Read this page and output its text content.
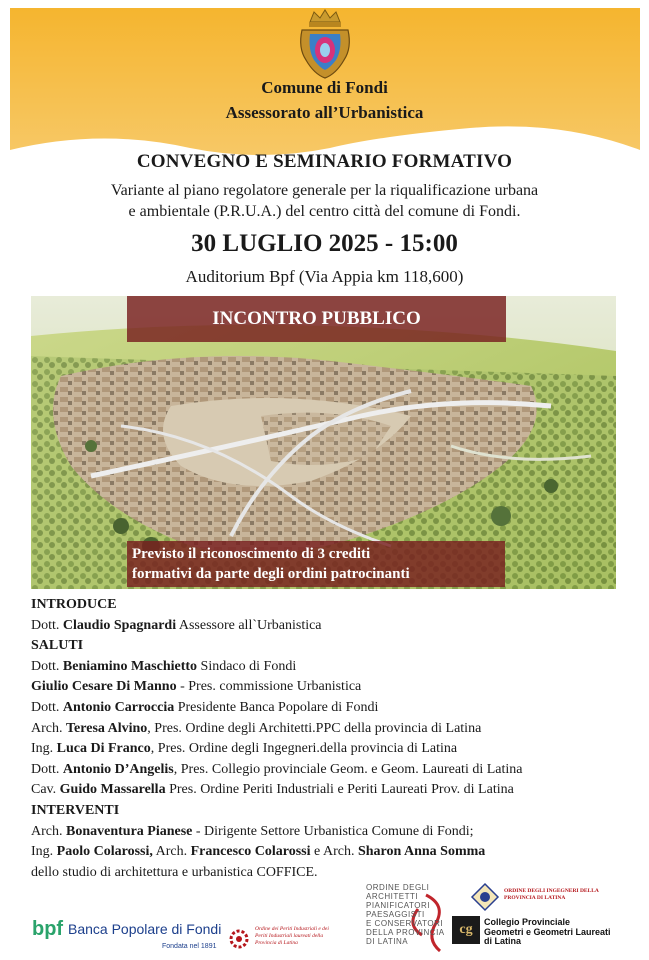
Comune di Fondi
Assessorato all’Urbanistica
CONVEGNO E SEMINARIO FORMATIVO
Variante al piano regolatore generale per la riqualificazione urbana
e ambientale (P.R.U.A.) del centro città del comune di Fondi.
30 LUGLIO 2025 - 15:00
Auditorium Bpf (Via Appia km 118,600)
INCONTRO PUBBLICO
Previsto il riconoscimento di 3 crediti
formativi da parte degli ordini patrocinanti
INTRODUCE
Dott. Claudio Spagnardi Assessore all`Urbanistica
SALUTI
Dott. Beniamino Maschietto Sindaco di Fondi
Giulio Cesare Di Manno - Pres. commissione Urbanistica
Dott. Antonio Carroccia Presidente Banca Popolare di Fondi
Arch. Teresa Alvino, Pres. Ordine degli Architetti.PPC della provincia di Latina
Ing. Luca Di Franco, Pres. Ordine degli Ingegneri.della provincia di Latina
Dott. Antonio D’Angelis, Pres. Collegio provinciale Geom. e Geom. Laureati di Latina
Cav. Guido Massarella Pres. Ordine Periti Industriali e Periti Laureati Prov. di Latina
INTERVENTI
Arch. Bonaventura Pianese - Dirigente Settore Urbanistica Comune di Fondi;
Ing. Paolo Colarossi, Arch. Francesco Colarossi e Arch. Sharon Anna Somma
dello studio di architettura e urbanistica COFFICE.
bpf Banca Popolare di Fondi
Fondata nel 1891
Ordine dei Periti Industriali e dei Periti Industriali laureati della Provincia di Latina
ORDINE DEGLI
ARCHITETTI
PIANIFICATORI
PAESAGGISTI
E CONSERVATORI
DELLA PROVINCIA
DI LATINA
ORDINE DEGLI INGEGNERI DELLA PROVINCIA DI LATINA
cg	Collegio Provinciale
Geometri e Geometri Laureati
di Latina
